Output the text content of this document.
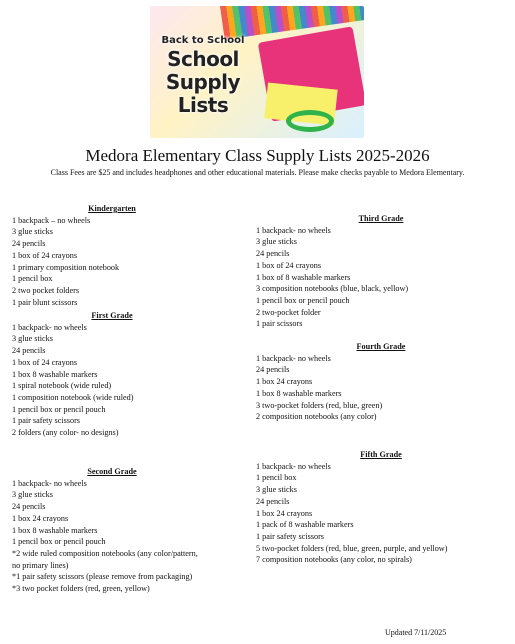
Back to School
School
Supply
Lists
Medora Elementary Class Supply Lists 2025-2026
Class Fees are $25 and includes headphones and other educational materials. Please make checks payable to Medora Elementary.
Kindergarten
1 backpack – no wheels
3 glue sticks
24 pencils
1 box of 24 crayons
1 primary composition notebook
1 pencil box
2 two pocket folders
1 pair blunt scissors
First Grade
1 backpack- no wheels
3 glue sticks
24 pencils
1 box of 24 crayons
1 box 8 washable markers
1 spiral notebook (wide ruled)
1 composition notebook (wide ruled)
1 pencil box or pencil pouch
1 pair safety scissors
2 folders (any color- no designs)
Second Grade
1 backpack- no wheels
3 glue sticks
24 pencils
1 box 24 crayons
1 box 8 washable markers
1 pencil box or pencil pouch
*2 wide ruled composition notebooks (any color/pattern,
no primary lines)
*1 pair safety scissors (please remove from packaging)
*3 two pocket folders (red, green, yellow)
Third Grade
1 backpack- no wheels
3 glue sticks
24 pencils
1 box of 24 crayons
1 box of 8 washable markers
3 composition notebooks (blue, black, yellow)
1 pencil box or pencil pouch
2 two-pocket folder
1 pair scissors
Fourth Grade
1 backpack- no wheels
24 pencils
1 box 24 crayons
1 box 8 washable markers
3 two-pocket folders (red, blue, green)
2 composition notebooks (any color)
Fifth Grade
1 backpack- no wheels
1 pencil box
3 glue sticks
24 pencils
1 box 24 crayons
1 pack of 8 washable markers
1 pair safety scissors
5 two-pocket folders (red, blue, green, purple, and yellow)
7 composition notebooks (any color, no spirals)
Updated 7/11/2025
